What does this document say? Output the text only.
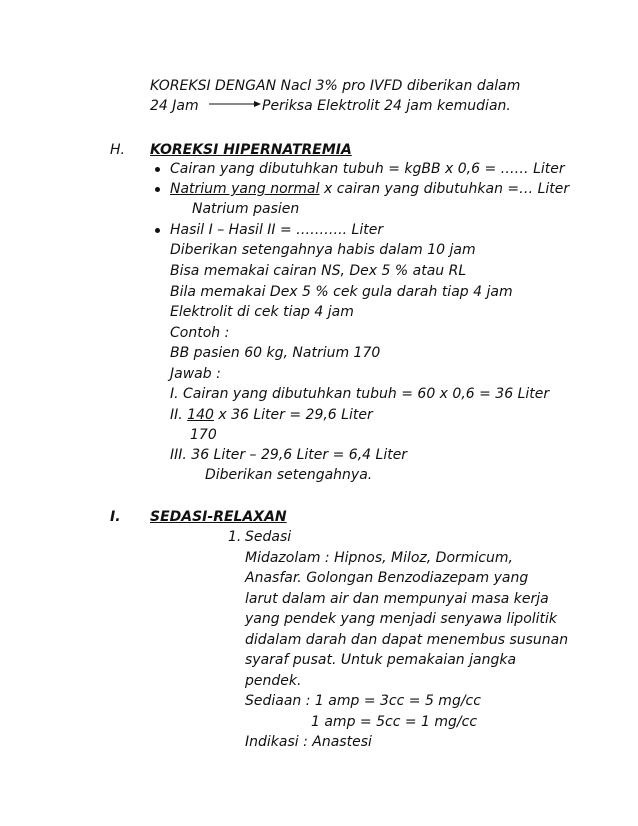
KOREKSI DENGAN Nacl 3% pro IVFD diberikan dalam
24 Jam	Periksa Elektrolit 24 jam kemudian.
H. KOREKSI HIPERNATREMIA
Cairan yang dibutuhkan tubuh = kgBB x 0,6 = …… Liter
Natrium yang normal x cairan yang dibutuhkan =… Liter
Natrium pasien
Hasil I – Hasil II = ……….. Liter
Diberikan setengahnya habis dalam 10 jam
Bisa memakai cairan NS, Dex 5 % atau RL
Bila memakai Dex 5 % cek gula darah tiap 4 jam
Elektrolit di cek tiap 4 jam
Contoh :
BB pasien 60 kg, Natrium 170
Jawab :
I. Cairan yang dibutuhkan tubuh = 60 x 0,6 = 36 Liter
II. 140 x 36 Liter = 29,6 Liter
170
III. 36 Liter – 29,6 Liter = 6,4 Liter
Diberikan setengahnya.
I. SEDASI-RELAXAN
1. Sedasi
Midazolam : Hipnos, Miloz, Dormicum,
Anasfar. Golongan Benzodiazepam yang
larut dalam air dan mempunyai masa kerja
yang pendek yang menjadi senyawa lipolitik
didalam darah dan dapat menembus susunan
syaraf pusat. Untuk pemakaian jangka
pendek.
Sediaan : 1 amp = 3cc = 5 mg/cc
1 amp = 5cc = 1 mg/cc
Indikasi : Anastesi
